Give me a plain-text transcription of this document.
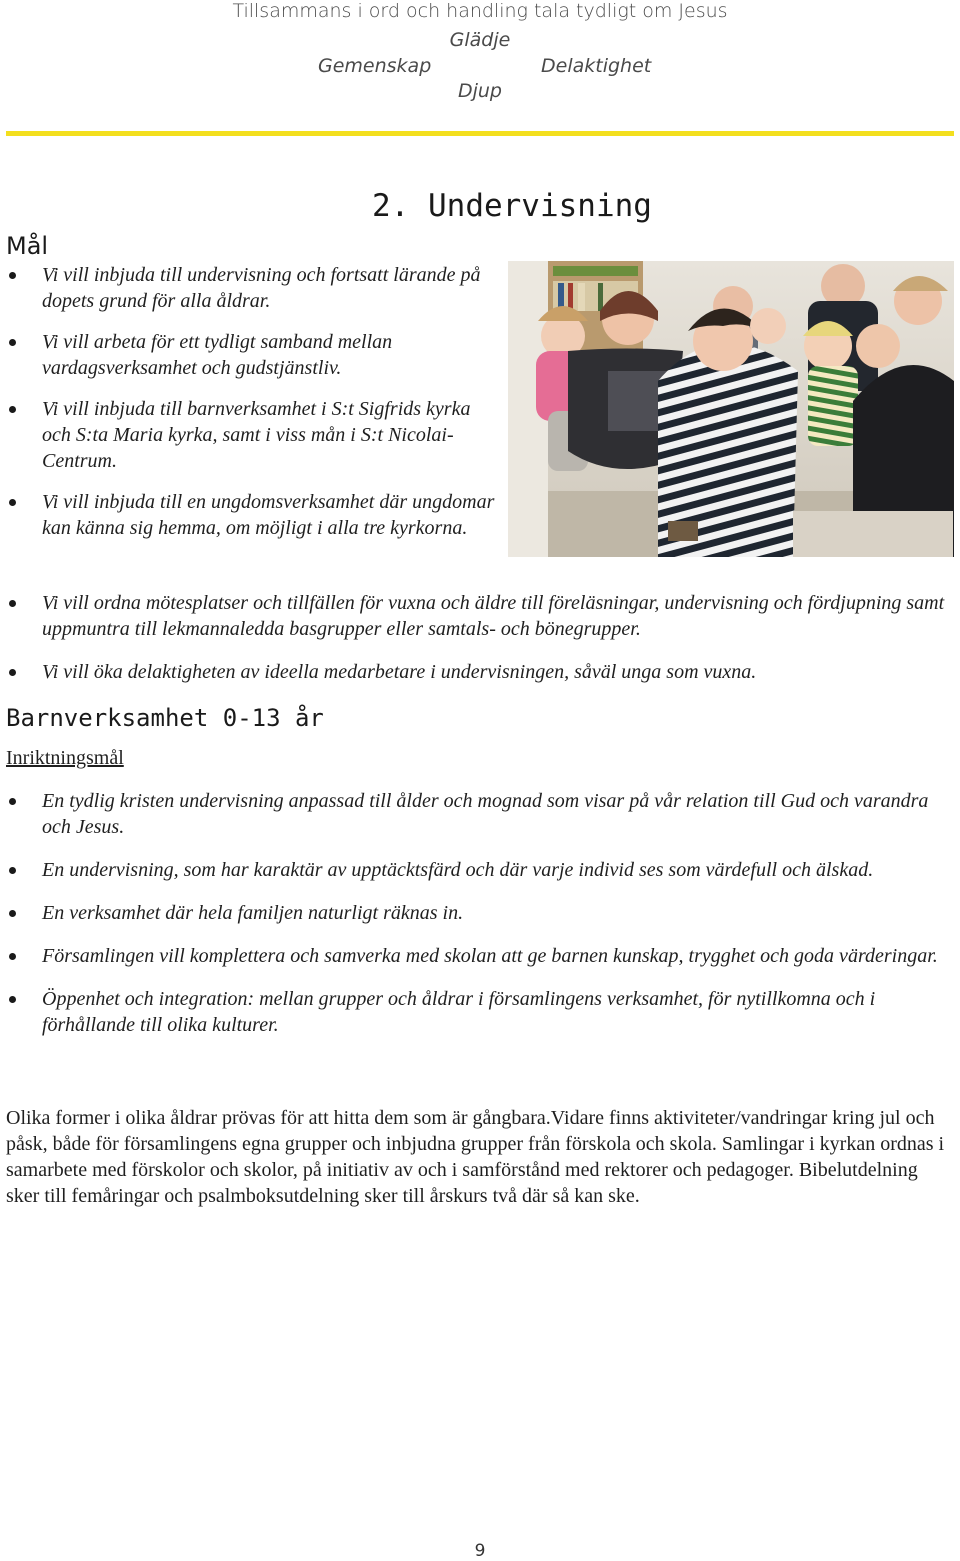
Tillsammans i ord och handling tala tydligt om Jesus
Glädje
Gemenskap	Delaktighet
Djup
2. Undervisning
Mål
Vi vill inbjuda till undervisning och fortsatt lärande på dopets grund för alla åldrar.
Vi vill arbeta för ett tydligt samband mellan vardagsverksamhet och gudstjänstliv.
Vi vill inbjuda till barnverksamhet i S:t Sigfrids kyrka och S:ta Maria kyrka, samt i viss mån i S:t Nicolai- Centrum.
Vi vill inbjuda till en ungdomsverksamhet där ungdomar kan känna sig hemma, om möjligt i alla tre kyrkorna.
Vi vill ordna mötesplatser och tillfällen för vuxna och äldre till föreläsningar, undervisning och fördjupning samt uppmuntra till lekmannaledda basgrupper eller samtals- och bönegrupper.
Vi vill öka delaktigheten av ideella medarbetare i undervisningen, såväl unga som vuxna.
Barnverksamhet 0-13 år
Inriktningsmål
En tydlig kristen undervisning anpassad till ålder och mognad som visar på vår relation till Gud och varandra och Jesus.
En undervisning, som har karaktär av upptäcktsfärd och där varje individ ses som värdefull och älskad.
En verksamhet där hela familjen naturligt räknas in.
Församlingen vill komplettera och samverka med skolan att ge barnen kunskap, trygghet och goda värderingar.
Öppenhet och integration: mellan grupper och åldrar i församlingens verksamhet, för nytillkomna och i förhållande till olika kulturer.

Olika former i olika åldrar prövas för att hitta dem som är gångbara.Vidare finns aktiviteter/vandringar kring jul och påsk, både för församlingens egna grupper och inbjudna grupper från förskola och skola. Samlingar i kyrkan ordnas i samarbete med förskolor och skolor, på initiativ av och i samförstånd med rektorer och pedagoger. Bibelutdelning sker till femåringar och psalmboksutdelning sker till årskurs två där så kan ske.

9
